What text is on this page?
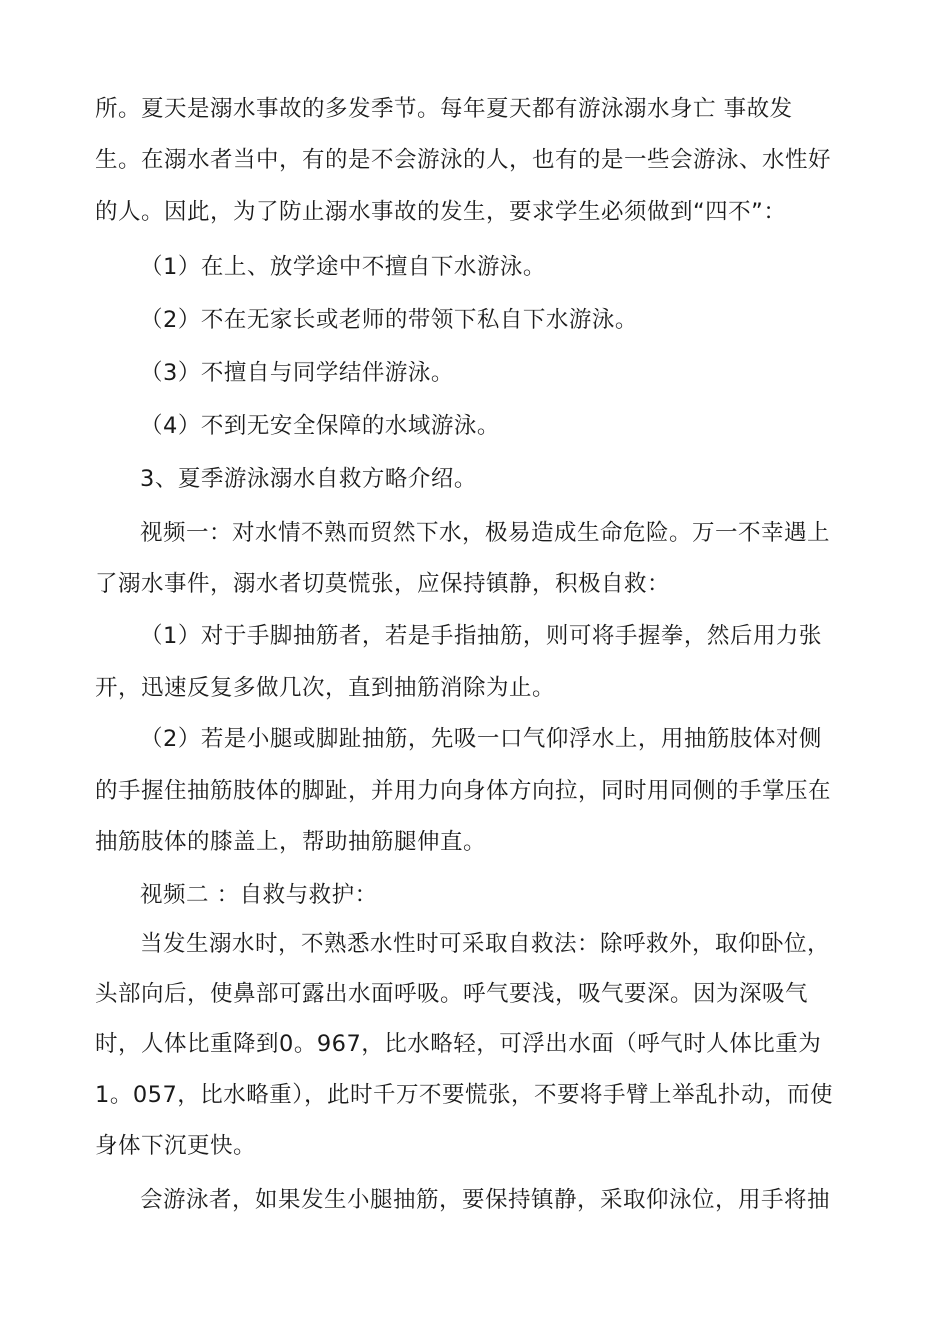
所。夏天是溺水事故的多发季节。每年夏天都有游泳溺水身亡 事故发
生。在溺水者当中，有的是不会游泳的人，也有的是一些会游泳、水性好
的人。因此，为了防止溺水事故的发生，要求学生必须做到“四不”：
（1）在上、放学途中不擅自下水游泳。
（2）不在无家长或老师的带领下私自下水游泳。
（3）不擅自与同学结伴游泳。
（4）不到无安全保障的水域游泳。
3、夏季游泳溺水自救方略介绍。
视频一：对水情不熟而贸然下水，极易造成生命危险。万一不幸遇上
了溺水事件，溺水者切莫慌张，应保持镇静，积极自救：
（1）对于手脚抽筋者，若是手指抽筋，则可将手握拳，然后用力张
开，迅速反复多做几次，直到抽筋消除为止。
（2）若是小腿或脚趾抽筋，先吸一口气仰浮水上，用抽筋肢体对侧
的手握住抽筋肢体的脚趾，并用力向身体方向拉，同时用同侧的手掌压在
抽筋肢体的膝盖上，帮助抽筋腿伸直。
视频二 ：自救与救护：
当发生溺水时，不熟悉水性时可采取自救法：除呼救外，取仰卧位，
头部向后，使鼻部可露出水面呼吸。呼气要浅，吸气要深。因为深吸气
时，人体比重降到0。967，比水略轻，可浮出水面（呼气时人体比重为
1。057，比水略重），此时千万不要慌张，不要将手臂上举乱扑动，而使
身体下沉更快。
会游泳者，如果发生小腿抽筋，要保持镇静，采取仰泳位，用手将抽
